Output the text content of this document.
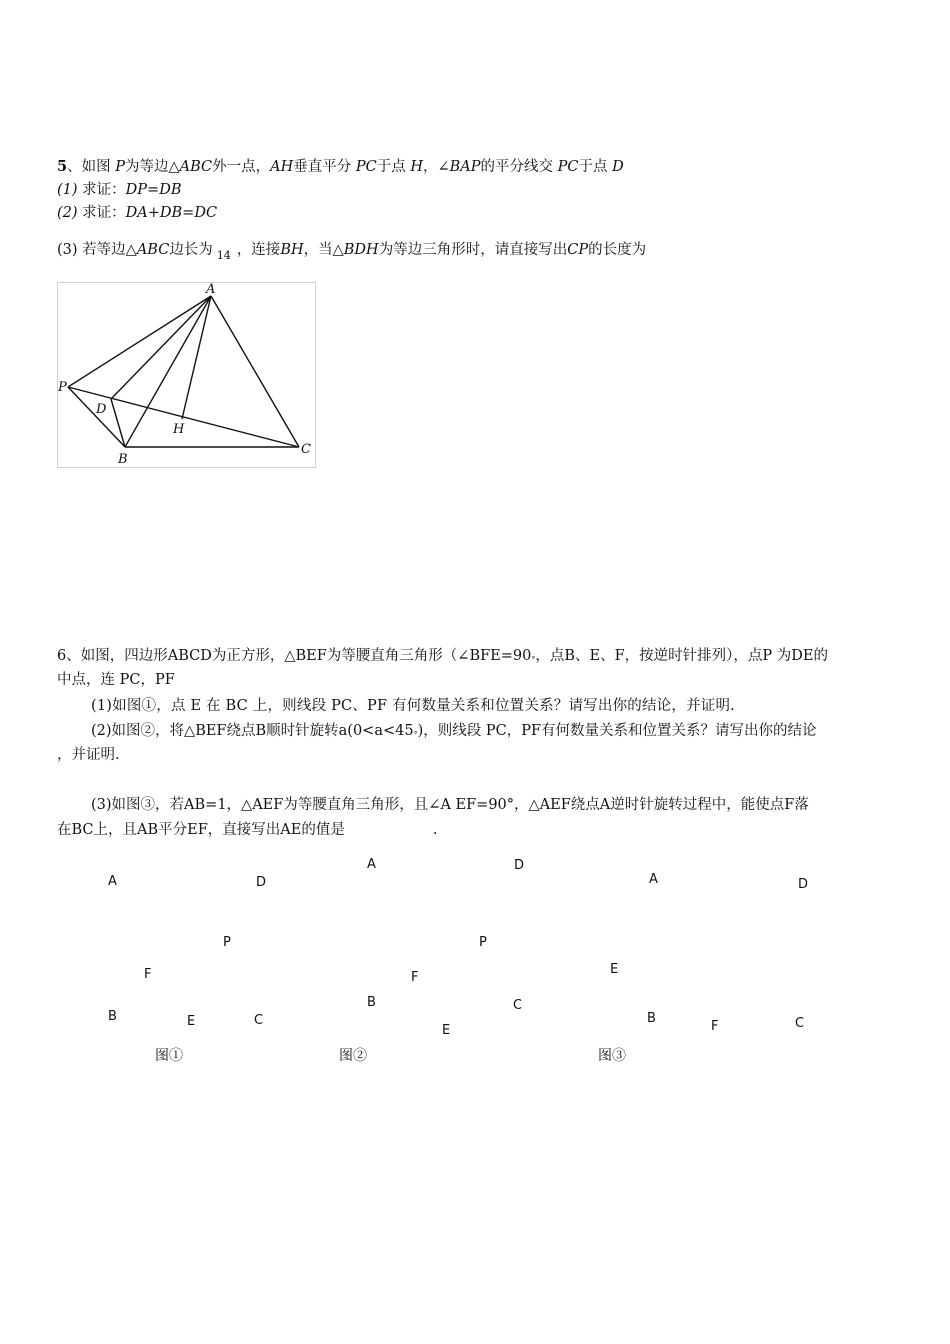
5、如图 P为等边△ABC外一点，AH垂直平分 PC于点 H，∠BAP的平分线交 PC于点 D
(1) 求证：DP=DB
(2) 求证：DA+DB=DC
(3) 若等边△ABC边长为 $_{14}$ ，连接BH，当△BDH为等边三角形时，请直接写出CP的长度为
A
P
D
H
B
C
6、如图，四边形ABCD为正方形，△BEF为等腰直角三角形（∠BFE=90°，点B、E、F，按逆时针排列），点P 为DE的
中点，连 PC，PF
(1)如图①，点 E 在 BC 上，则线段 PC、PF 有何数量关系和位置关系？请写出你的结论，并证明.
(2)如图②，将△BEF绕点B顺时针旋转a(0<a<45°)，则线段 PC，PF有何数量关系和位置关系？请写出你的结论
，并证明.
(3)如图③，若AB=1，△AEF为等腰直角三角形，且∠A EF=90°，△AEF绕点A逆时针旋转过程中，能使点F落
在BC上，且AB平分EF，直接写出AE的值是	.
A	D
P
F
B	E	C
图①
A	D
P
F
B	C
E
图②
A	D
E
B
F	C
图③
